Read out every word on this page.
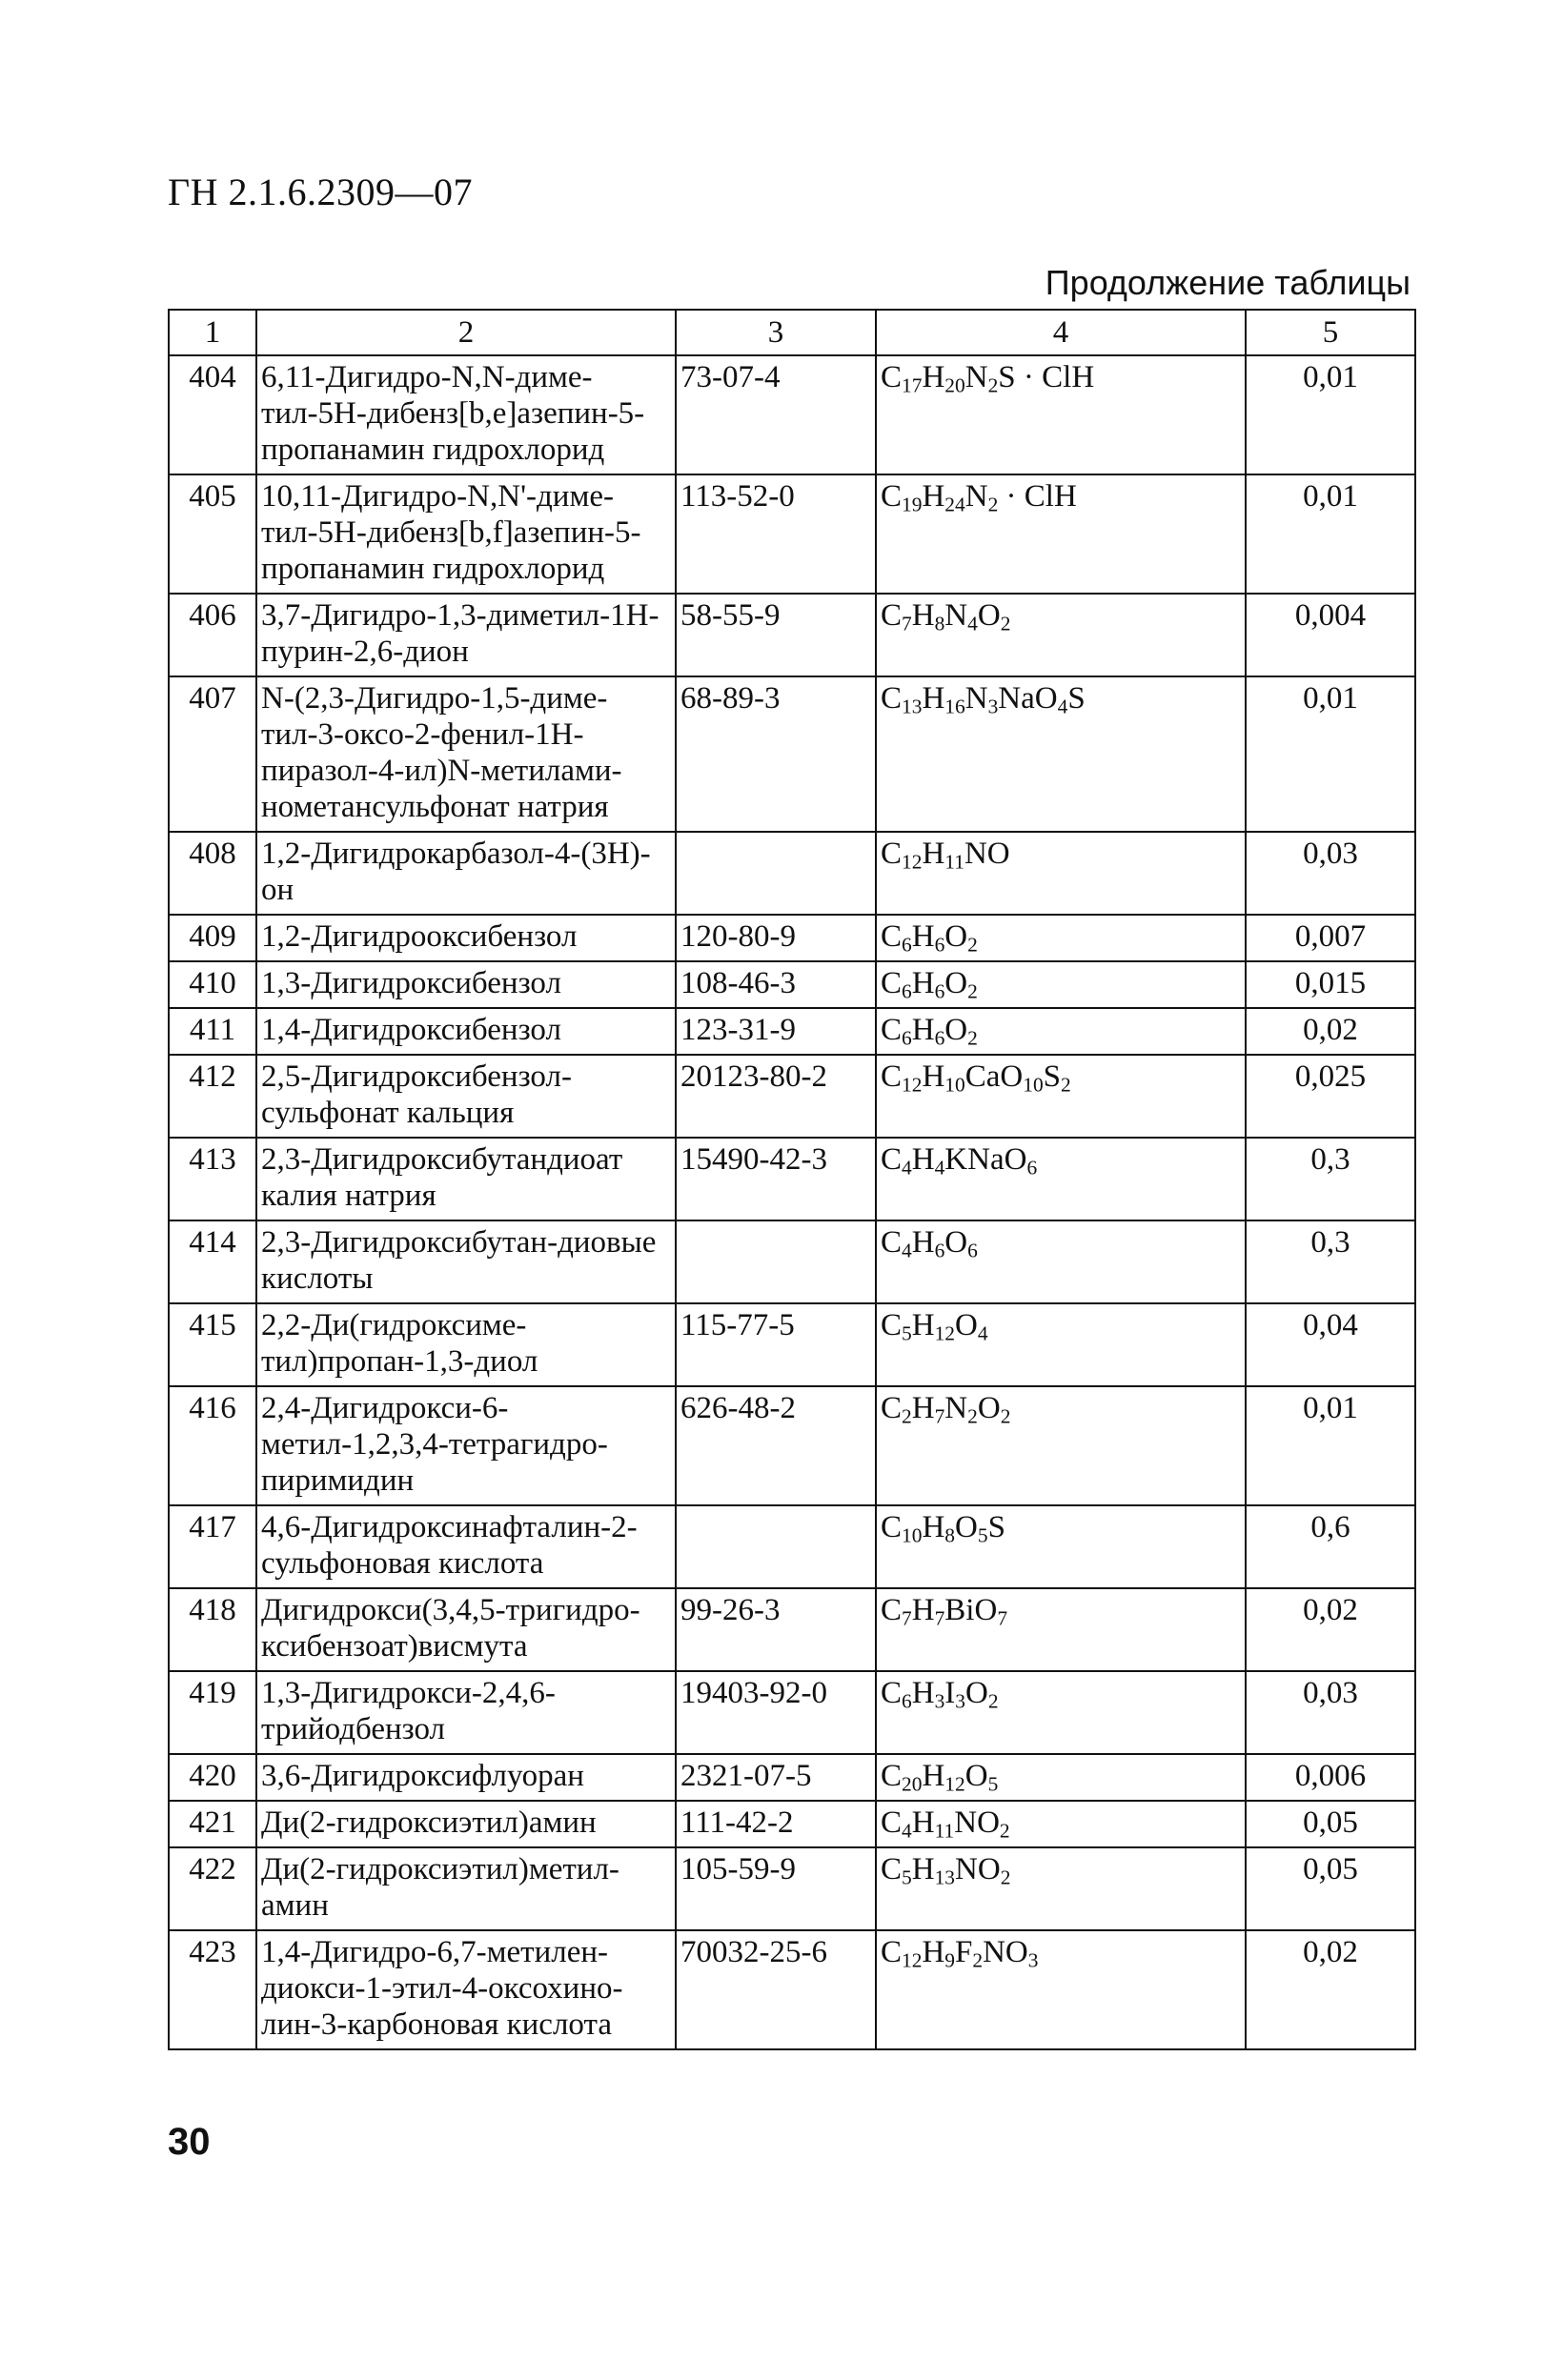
ГН 2.1.6.2309—07
Продолжение таблицы
1	2	3	4	5
404	6,11-Дигидро-N,N-диме-тил-5Н-дибенз[b,е]азепин-5-пропанамин гидрохлорид	73-07-4	$C_{17}H_{20}N_2S$ · ClH	0,01
405	10,11-Дигидро-N,N'-диме-тил-5Н-дибенз[b,f]азепин-5-пропанамин гидрохлорид	113-52-0	$C_{19}H_{24}N_2$ · ClH	0,01
406	3,7-Дигидро-1,3-диметил-1Н-пурин-2,6-дион	58-55-9	$C_7H_8N_4O_2$	0,004
407	N-(2,3-Дигидро-1,5-диме-тил-3-оксо-2-фенил-1Н-пиразол-4-ил)N-метилами-нометансульфонат натрия	68-89-3	$C_{13}H_{16}N_3NaO_4S$	0,01
408	1,2-Дигидрокарбазол-4-(3Н)-он		$C_{12}H_{11}NO$	0,03
409	1,2-Дигидрооксибензол	120-80-9	$C_6H_6O_2$	0,007
410	1,3-Дигидроксибензол	108-46-3	$C_6H_6O_2$	0,015
411	1,4-Дигидроксибензол	123-31-9	$C_6H_6O_2$	0,02
412	2,5-Дигидроксибензол-сульфонат кальция	20123-80-2	$C_{12}H_{10}CaO_{10}S_2$	0,025
413	2,3-Дигидроксибутандиоат калия натрия	15490-42-3	$C_4H_4KNaO_6$	0,3
414	2,3-Дигидроксибутан-диовые кислоты		$C_4H_6O_6$	0,3
415	2,2-Ди(гидроксиме-тил)пропан-1,3-диол	115-77-5	$C_5H_{12}O_4$	0,04
416	2,4-Дигидрокси-6-метил-1,2,3,4-тетрагидро-пиримидин	626-48-2	$C_2H_7N_2O_2$	0,01
417	4,6-Дигидроксинафталин-2-сульфоновая кислота		$C_{10}H_8O_5S$	0,6
418	Дигидрокси(3,4,5-тригидро-ксибензоат)висмута	99-26-3	$C_7H_7BiO_7$	0,02
419	1,3-Дигидрокси-2,4,6-трийодбензол	19403-92-0	$C_6H_3I_3O_2$	0,03
420	3,6-Дигидроксифлуоран	2321-07-5	$C_{20}H_{12}O_5$	0,006
421	Ди(2-гидроксиэтил)амин	111-42-2	$C_4H_{11}NO_2$	0,05
422	Ди(2-гидроксиэтил)метил-амин	105-59-9	$C_5H_{13}NO_2$	0,05
423	1,4-Дигидро-6,7-метилен-диокси-1-этил-4-оксохино-лин-3-карбоновая кислота	70032-25-6	$C_{12}H_9F_2NO_3$	0,02
30
